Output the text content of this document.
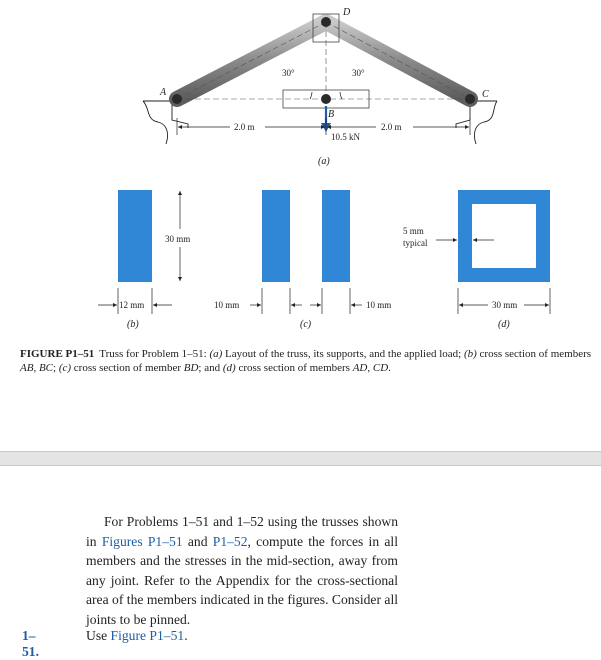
A
B
C
D
30°	30°
10.5 kN
2.0 m	2.0 m
(a)
30 mm
12 mm
(b)
10 mm	10 mm
(c)
5 mm
typical
30 mm
(d)
FIGURE P1–51 Truss for Problem 1–51: (a) Layout of the truss, its supports, and the applied load; (b) cross section of members AB, BC; (c) cross section of member BD; and (d) cross section of members AD, CD.
For Problems 1–51 and 1–52 using the trusses shown in Figures P1–51 and P1–52, compute the forces in all members and the stresses in the mid-section, away from any joint. Refer to the Appendix for the cross-sectional area of the members indicated in the figures. Consider all joints to be pinned.
1–51.
Use Figure P1–51.
